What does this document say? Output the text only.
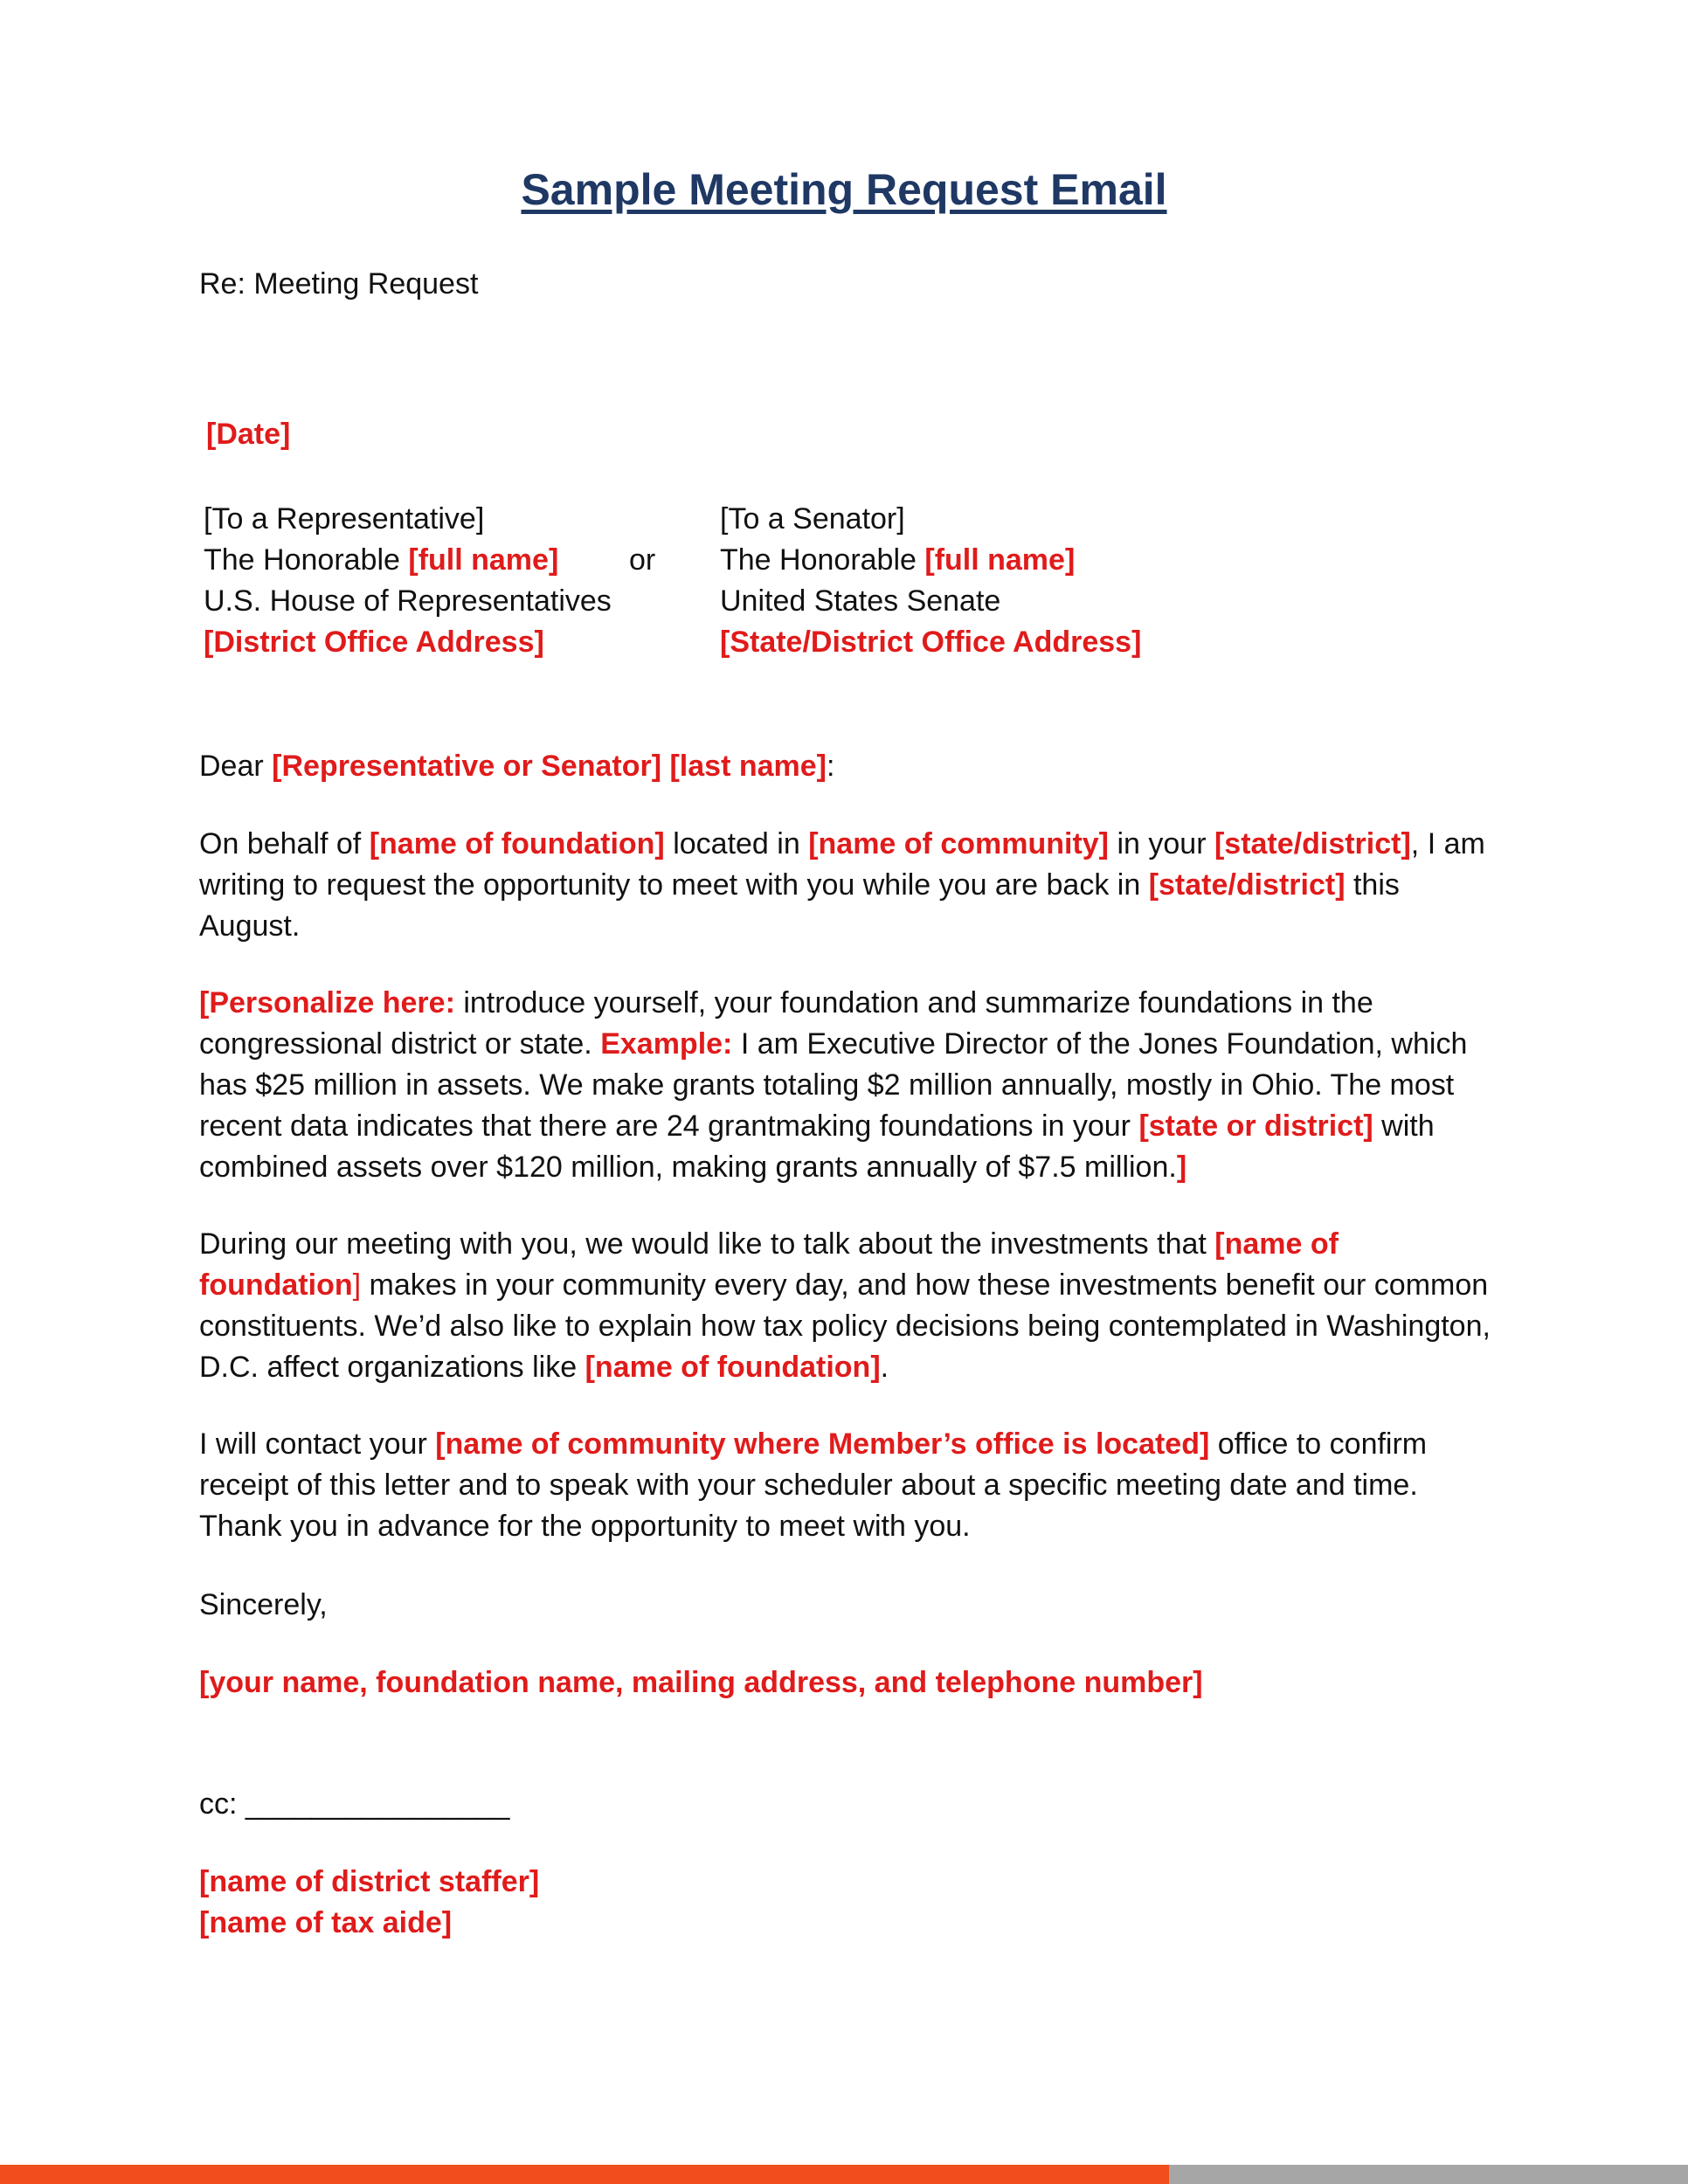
Sample Meeting Request Email
Re: Meeting Request
[Date]
[To a Representative]
The Honorable [full name]
U.S. House of Representatives
[District Office Address]
or
[To a Senator]
The Honorable [full name]
United States Senate
[State/District Office Address]
Dear [Representative or Senator] [last name]:
On behalf of [name of foundation] located in [name of community] in your [state/district], I am writing to request the opportunity to meet with you while you are back in [state/district] this August.
[Personalize here: introduce yourself, your foundation and summarize foundations in the congressional district or state. Example: I am Executive Director of the Jones Foundation, which has $25 million in assets. We make grants totaling $2 million annually, mostly in Ohio. The most recent data indicates that there are 24 grantmaking foundations in your [state or district] with combined assets over $120 million, making grants annually of $7.5 million.]
During our meeting with you, we would like to talk about the investments that [name of foundation] makes in your community every day, and how these investments benefit our common constituents. We’d also like to explain how tax policy decisions being contemplated in Washington, D.C. affect organizations like [name of foundation].
I will contact your [name of community where Member’s office is located] office to confirm receipt of this letter and to speak with your scheduler about a specific meeting date and time. Thank you in advance for the opportunity to meet with you.
Sincerely,
[your name, foundation name, mailing address, and telephone number]
cc: ________________
[name of district staffer]
[name of tax aide]
